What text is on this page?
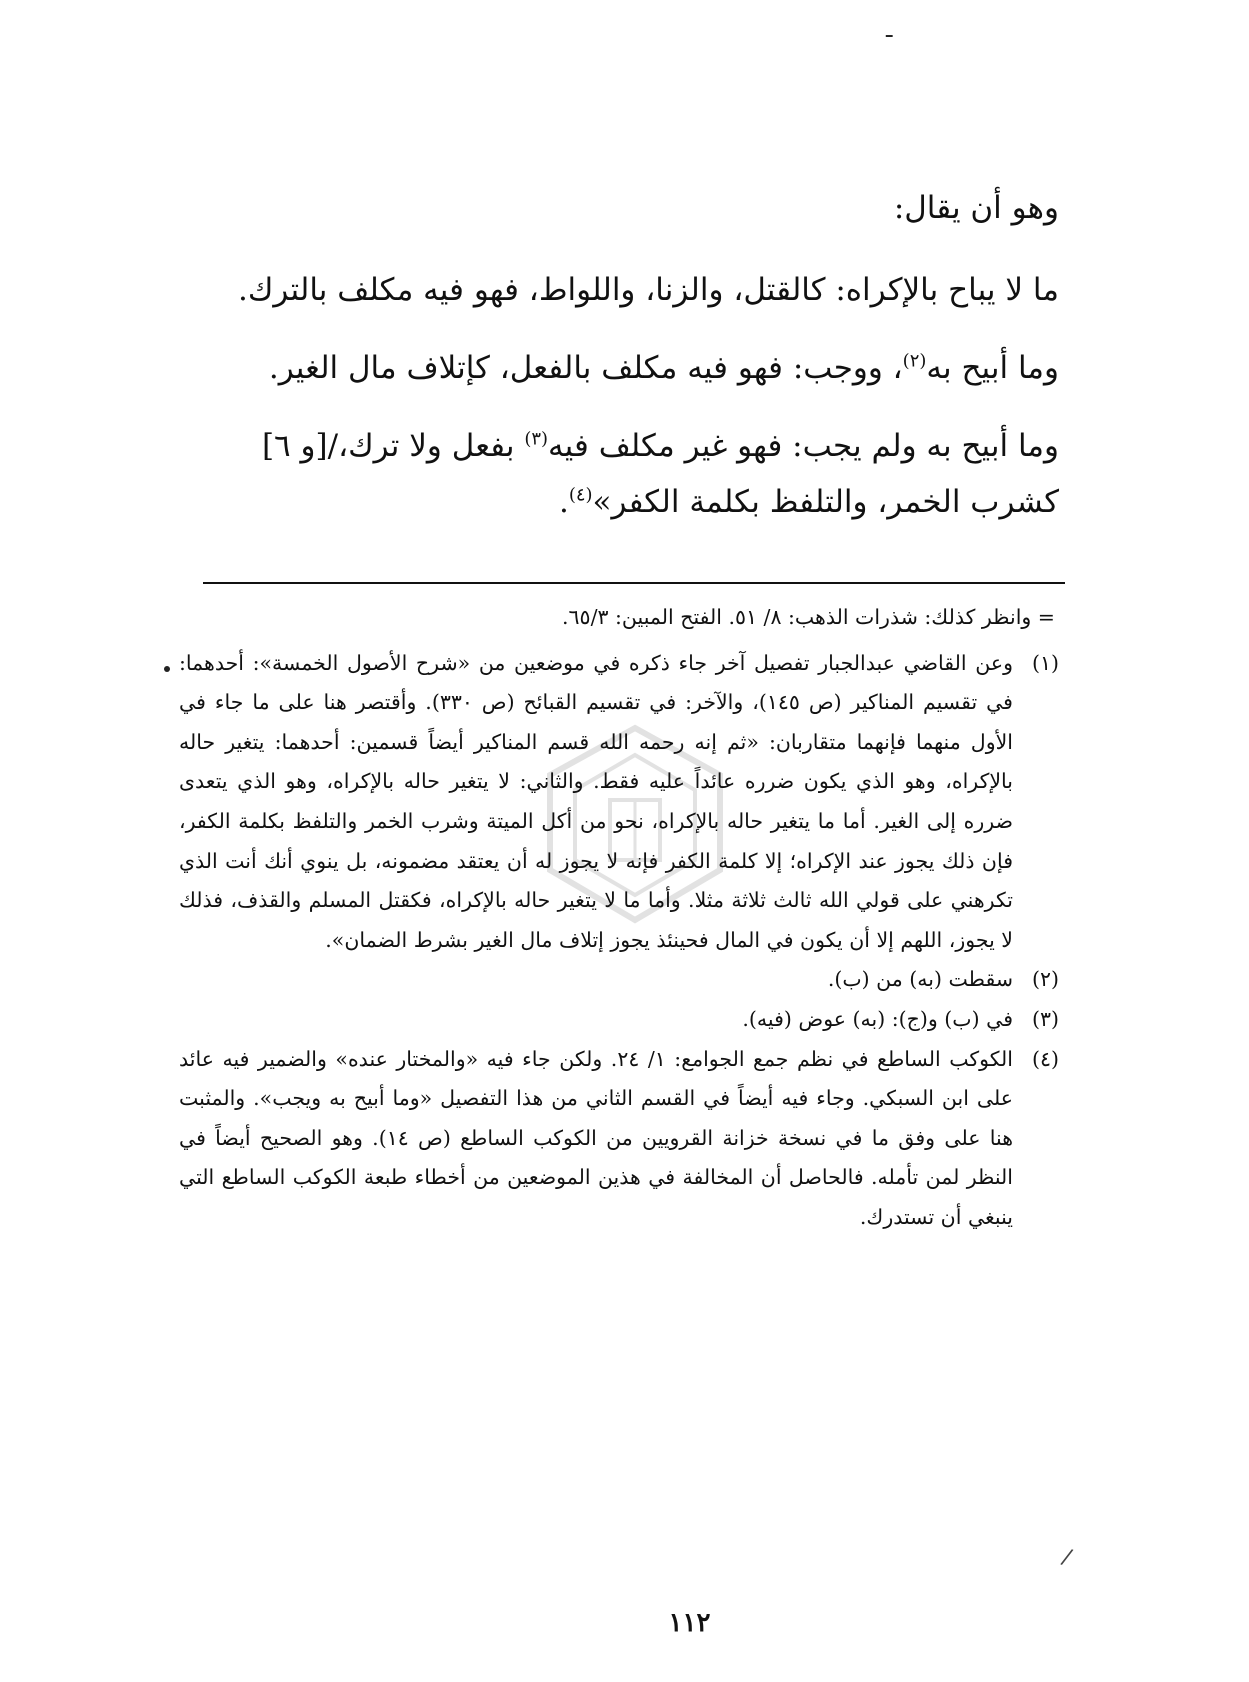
ـ

وهو أن يقال:

ما لا يباح بالإكراه: كالقتل، والزنا، واللواط، فهو فيه مكلف بالترك.

وما أبيح به$^{(٢)}$، ووجب: فهو فيه مكلف بالفعل، كإتلاف مال الغير.

وما أبيح به ولم يجب: فهو غير مكلف فيه$^{(٣)}$ بفعل ولا ترك،/[و ٦]

كشرب الخمر، والتلفظ بكلمة الكفر»$^{(٤)}$.

= وانظر كذلك: شذرات الذهب: ٨/ ٥١. الفتح المبين: ٦٥/٣.

(١)
وعن القاضي عبدالجبار تفصيل آخر جاء ذكره في موضعين من «شرح الأصول الخمسة»: أحدهما: في تقسيم المناكير (ص ١٤٥)، والآخر: في تقسيم القبائح (ص ٣٣٠). وأقتصر هنا على ما جاء في الأول منهما فإنهما متقاربان: «ثم إنه رحمه الله قسم المناكير أيضاً قسمين: أحدهما: يتغير حاله بالإكراه، وهو الذي يكون ضرره عائداً عليه فقط. والثاني: لا يتغير حاله بالإكراه، وهو الذي يتعدى ضرره إلى الغير. أما ما يتغير حاله بالإكراه، نحو من أكل الميتة وشرب الخمر والتلفظ بكلمة الكفر، فإن ذلك يجوز عند الإكراه؛ إلا كلمة الكفر فإنه لا يجوز له أن يعتقد مضمونه، بل ينوي أنك أنت الذي تكرهني على قولي الله ثالث ثلاثة مثلا. وأما ما لا يتغير حاله بالإكراه، فكقتل المسلم والقذف، فذلك لا يجوز، اللهم إلا أن يكون في المال فحينئذ يجوز إتلاف مال الغير بشرط الضمان».
(٢)
سقطت (به) من (ب).
(٣)
في (ب) و(ج): (به) عوض (فيه).
(٤)
الكوكب الساطع في نظم جمع الجوامع: ١/ ٢٤. ولكن جاء فيه «والمختار عنده» والضمير فيه عائد على ابن السبكي. وجاء فيه أيضاً في القسم الثاني من هذا التفصيل «وما أبيح به ويجب». والمثبت هنا على وفق ما في نسخة خزانة القرويين من الكوكب الساطع (ص ١٤). وهو الصحيح أيضاً في النظر لمن تأمله. فالحاصل أن المخالفة في هذين الموضعين من أخطاء طبعة الكوكب الساطع التي ينبغي أن تستدرك.
/
١١٢
